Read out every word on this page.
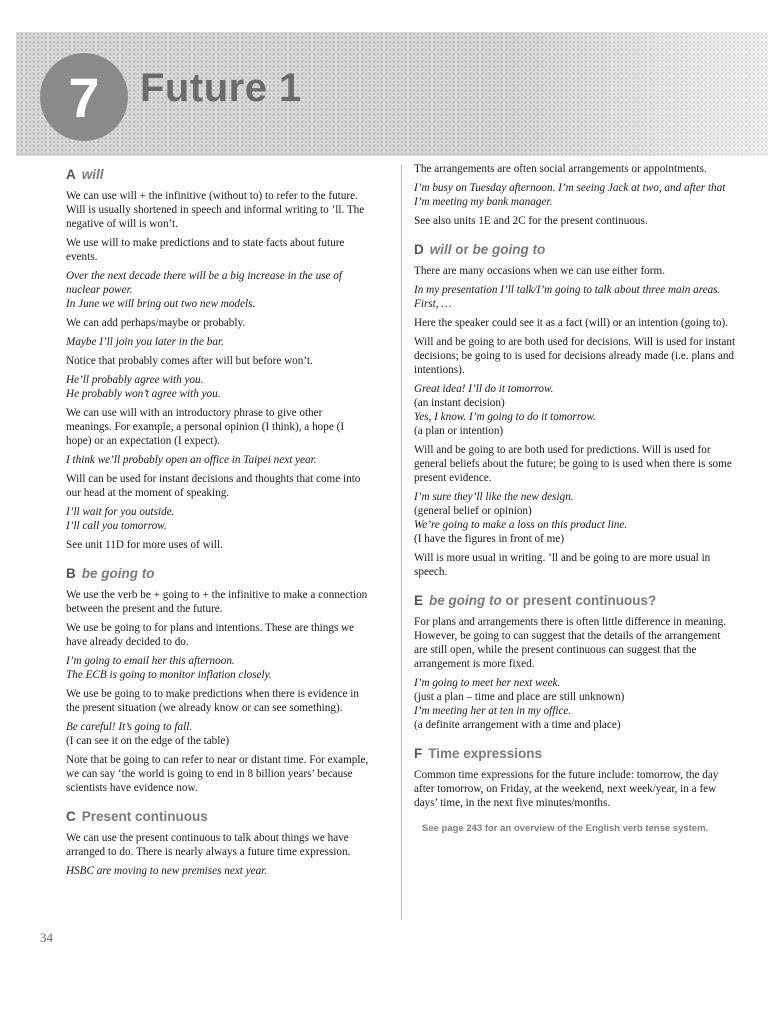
7 Future 1
A will

We can use will + the infinitive (without to) to refer to the future. Will is usually shortened in speech and informal writing to ’ll. The negative of will is won’t.

We use will to make predictions and to state facts about future events.

Over the next decade there will be a big increase in the use of nuclear power.
In June we will bring out two new models.

We can add perhaps/maybe or probably.

Maybe I’ll join you later in the bar.

Notice that probably comes after will but before won’t.

He’ll probably agree with you.
He probably won’t agree with you.

We can use will with an introductory phrase to give other meanings. For example, a personal opinion (I think), a hope (I hope) or an expectation (I expect).

I think we’ll probably open an office in Taipei next year.

Will can be used for instant decisions and thoughts that come into our head at the moment of speaking.

I’ll wait for you outside.
I’ll call you tomorrow.

See unit 11D for more uses of will.

B be going to

We use the verb be + going to + the infinitive to make a connection between the present and the future.

We use be going to for plans and intentions. These are things we have already decided to do.

I’m going to email her this afternoon.
The ECB is going to monitor inflation closely.

We use be going to to make predictions when there is evidence in the present situation (we already know or can see something).

Be careful! It’s going to fall.
(I can see it on the edge of the table)

Note that be going to can refer to near or distant time. For example, we can say ‘the world is going to end in 8 billion years’ because scientists have evidence now.

C Present continuous

We can use the present continuous to talk about things we have arranged to do. There is nearly always a future time expression.

HSBC are moving to new premises next year.

The arrangements are often social arrangements or appointments.

I’m busy on Tuesday afternoon. I’m seeing Jack at two, and after that I’m meeting my bank manager.

See also units 1E and 2C for the present continuous.

D will or be going to

There are many occasions when we can use either form.

In my presentation I’ll talk/I’m going to talk about three main areas. First, …

Here the speaker could see it as a fact (will) or an intention (going to).

Will and be going to are both used for decisions. Will is used for instant decisions; be going to is used for decisions already made (i.e. plans and intentions).

Great idea! I’ll do it tomorrow.
(an instant decision)
Yes, I know. I’m going to do it tomorrow.
(a plan or intention)

Will and be going to are both used for predictions. Will is used for general beliefs about the future; be going to is used when there is some present evidence.

I’m sure they’ll like the new design.
(general belief or opinion)
We’re going to make a loss on this product line.
(I have the figures in front of me)

Will is more usual in writing. ’ll and be going to are more usual in speech.

E be going to or present continuous?

For plans and arrangements there is often little difference in meaning. However, be going to can suggest that the details of the arrangement are still open, while the present continuous can suggest that the arrangement is more fixed.

I’m going to meet her next week.
(just a plan – time and place are still unknown)
I’m meeting her at ten in my office.
(a definite arrangement with a time and place)
F Time expressions

Common time expressions for the future include: tomorrow, the day after tomorrow, on Friday, at the weekend, next week/year, in a few days’ time, in the next five minutes/months.

See page 243 for an overview of the English verb tense system.
34
